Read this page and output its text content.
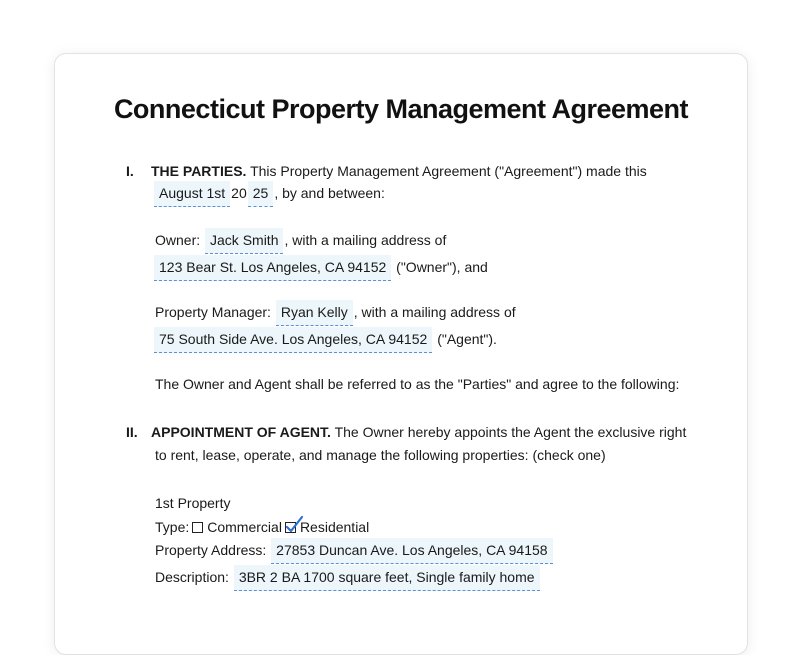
Connecticut Property Management Agreement
I. THE PARTIES. This Property Management Agreement ("Agreement") made this
August 1st 20 25 , by and between:
Owner: Jack Smith , with a mailing address of
123 Bear St. Los Angeles, CA 94152 ("Owner"), and
Property Manager: Ryan Kelly , with a mailing address of
75 South Side Ave. Los Angeles, CA 94152 ("Agent").
The Owner and Agent shall be referred to as the "Parties" and agree to the following:
II. APPOINTMENT OF AGENT. The Owner hereby appoints the Agent the exclusive right
to rent, lease, operate, and manage the following properties: (check one)
1st Property
Type: Commercial Residential
Property Address: 27853 Duncan Ave. Los Angeles, CA 94158
Description: 3BR 2 BA 1700 square feet, Single family home
